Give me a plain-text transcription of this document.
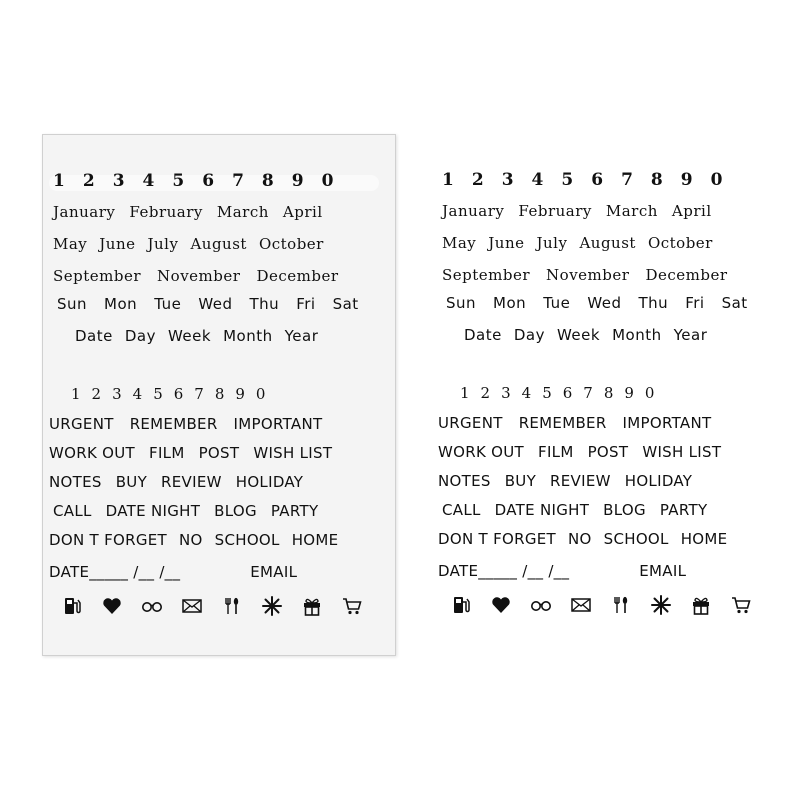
1 2 3 4 5 6 7 8 9 0
January February March April
May June July August October
September November December
Sun Mon Tue Wed Thu Fri Sat
Date Day Week Month Year
1 2 3 4 5 6 7 8 9 0
URGENT REMEMBER IMPORTANT
WORK OUT FILM POST WISH LIST
NOTES BUY REVIEW HOLIDAY
CALL DATE NIGHT BLOG PARTY
DON T FORGET NO SCHOOL HOME
DATE_____ /__ /__	EMAIL
1 2 3 4 5 6 7 8 9 0
January February March April
May June July August October
September November December
Sun Mon Tue Wed Thu Fri Sat
Date Day Week Month Year
1 2 3 4 5 6 7 8 9 0
URGENT REMEMBER IMPORTANT
WORK OUT FILM POST WISH LIST
NOTES BUY REVIEW HOLIDAY
CALL DATE NIGHT BLOG PARTY
DON T FORGET NO SCHOOL HOME
DATE_____ /__ /__	EMAIL
